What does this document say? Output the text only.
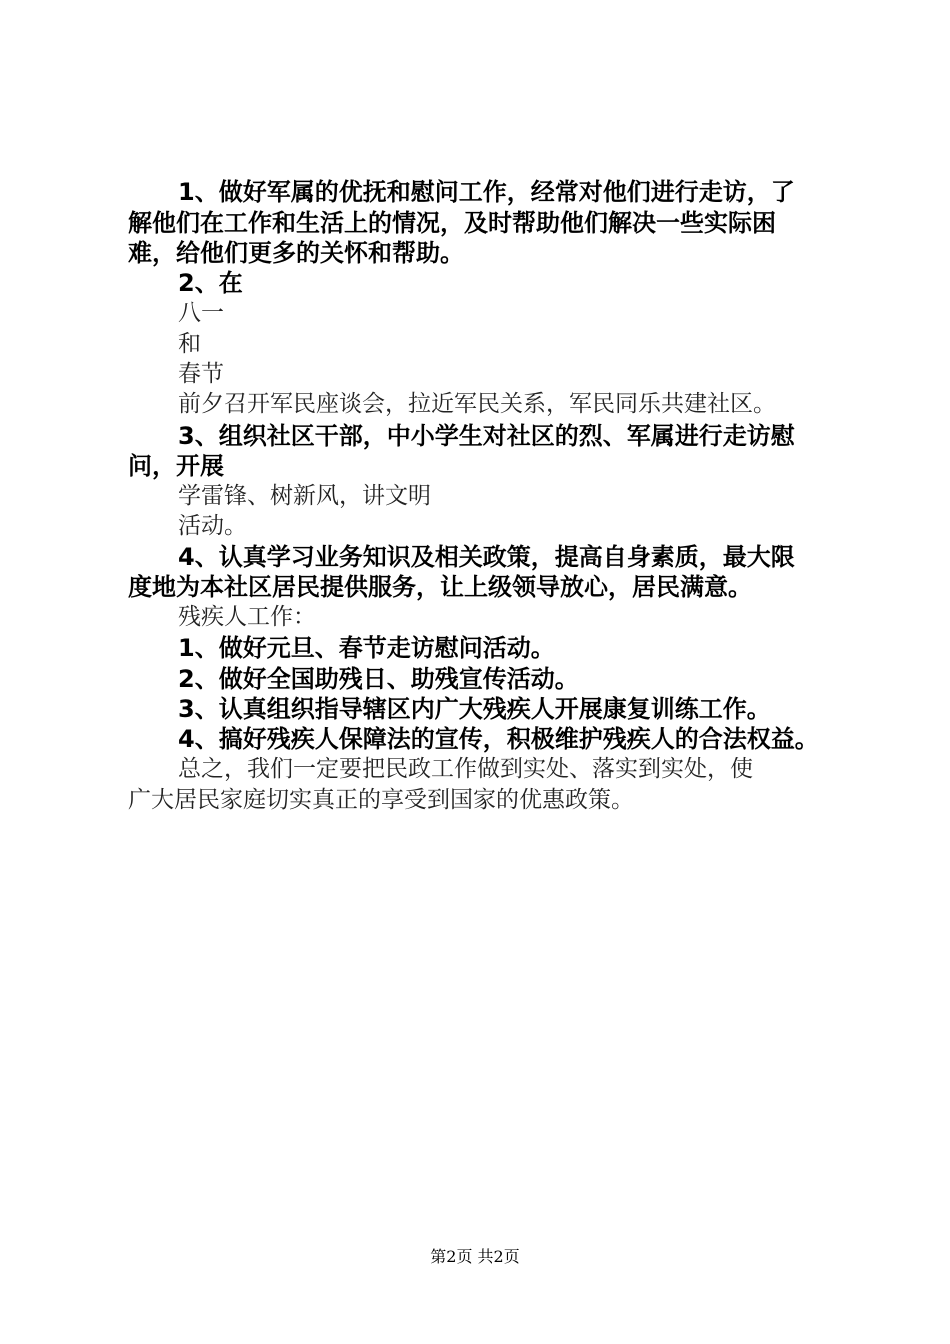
1、做好军属的优抚和慰问工作，经常对他们进行走访，了
解他们在工作和生活上的情况，及时帮助他们解决一些实际困
难，给他们更多的关怀和帮助。
2、在
八一
和
春节
前夕召开军民座谈会，拉近军民关系，军民同乐共建社区。
3、组织社区干部，中小学生对社区的烈、军属进行走访慰
问，开展
学雷锋、树新风，讲文明
活动。
4、认真学习业务知识及相关政策，提高自身素质，最大限
度地为本社区居民提供服务，让上级领导放心，居民满意。
残疾人工作：
1、做好元旦、春节走访慰问活动。
2、做好全国助残日、助残宣传活动。
3、认真组织指导辖区内广大残疾人开展康复训练工作。
4、搞好残疾人保障法的宣传，积极维护残疾人的合法权益。
总之，我们一定要把民政工作做到实处、落实到实处，使
广大居民家庭切实真正的享受到国家的优惠政策。
第2页 共2页
